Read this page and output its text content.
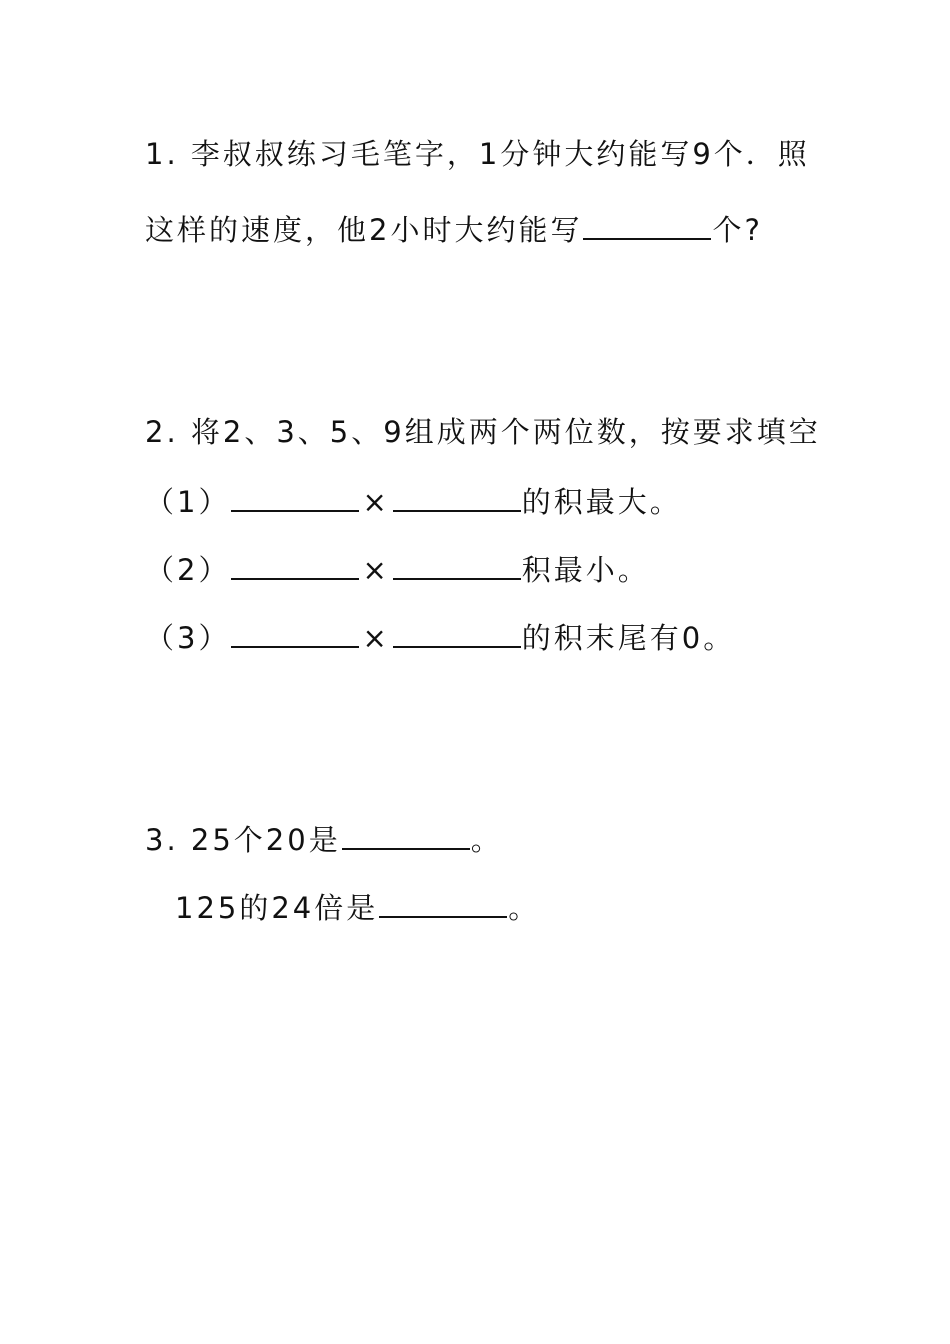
1. 李叔叔练习毛笔字，1分钟大约能写9个．照
这样的速度，他2小时大约能写	个?
2. 将2、3、5、9组成两个两位数，按要求填空
（1）	×	的积最大。
（2）	×	积最小。
（3）	×	的积末尾有0。
3. 25个20是	。
125的24倍是	。
